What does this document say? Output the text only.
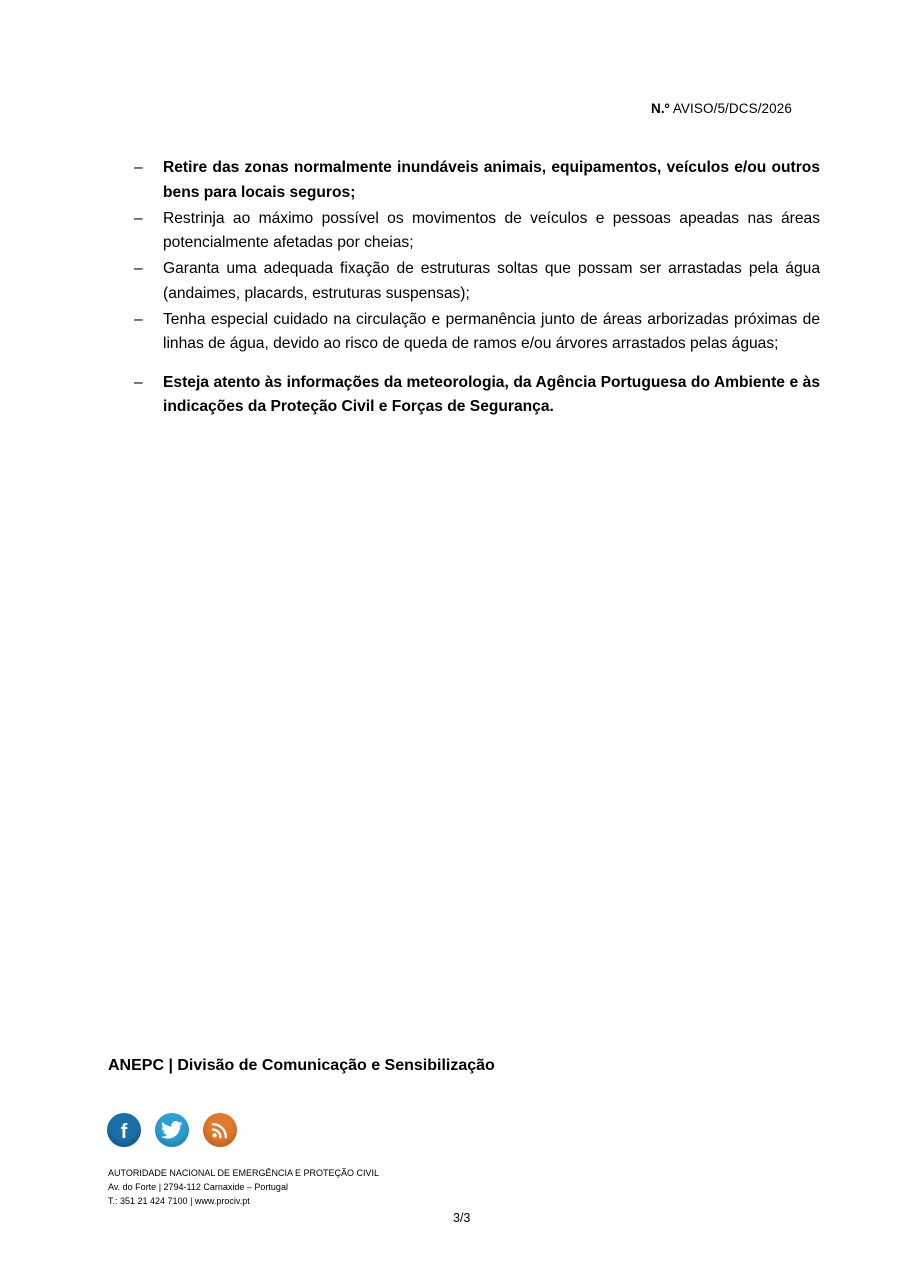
N.º AVISO/5/DCS/2026
– Retire das zonas normalmente inundáveis animais, equipamentos, veículos e/ou outros bens para locais seguros;
– Restrinja ao máximo possível os movimentos de veículos e pessoas apeadas nas áreas potencialmente afetadas por cheias;
– Garanta uma adequada fixação de estruturas soltas que possam ser arrastadas pela água (andaimes, placards, estruturas suspensas);
– Tenha especial cuidado na circulação e permanência junto de áreas arborizadas próximas de linhas de água, devido ao risco de queda de ramos e/ou árvores arrastados pelas águas;
– Esteja atento às informações da meteorologia, da Agência Portuguesa do Ambiente e às indicações da Proteção Civil e Forças de Segurança.
ANEPC | Divisão de Comunicação e Sensibilização
f
AUTORIDADE NACIONAL DE EMERGÊNCIA E PROTEÇÃO CIVIL
Av. do Forte | 2794-112 Carnaxide – Portugal
T.: 351 21 424 7100 | www.prociv.pt
3/3
